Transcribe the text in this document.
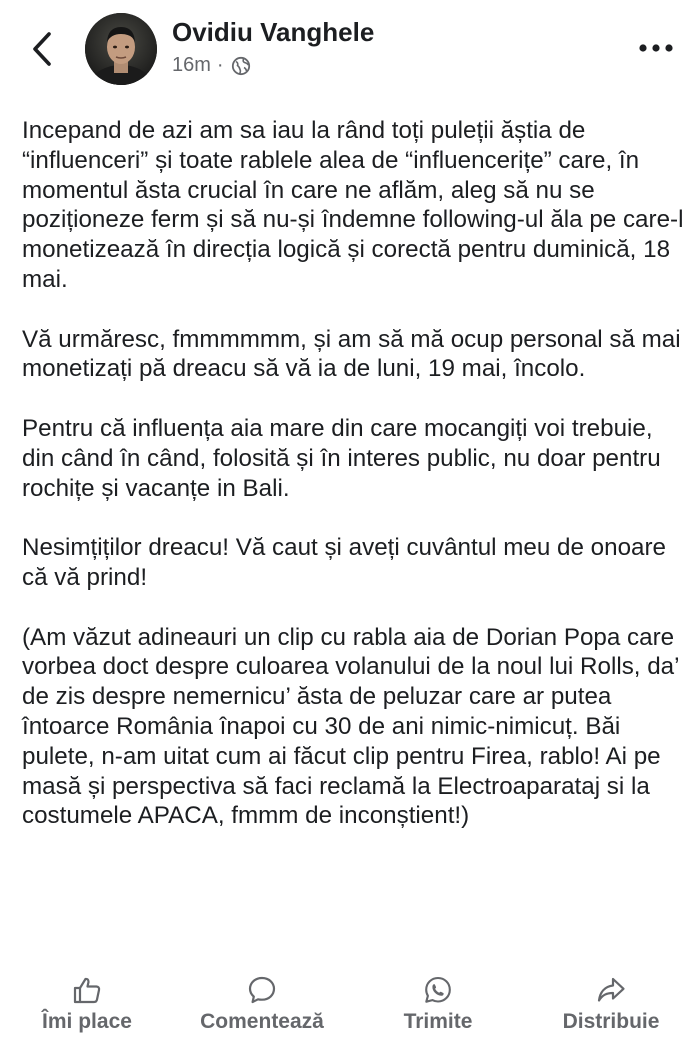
Ovidiu Vanghele
16m ·

Incepand de azi am sa iau la rând toți puleții ăștia de “influenceri” și toate rablele alea de “influencerițe” care, în momentul ăsta crucial în care ne aflăm, aleg să nu se poziționeze ferm și să nu-și îndemne following-ul ăla pe care-l monetizează în direcția logică și corectă pentru duminică, 18 mai.

Vă urmăresc, fmmmmmm, și am să mă ocup personal să mai monetizați pă dreacu să vă ia de luni, 19 mai, încolo.

Pentru că influența aia mare din care mocangiți voi trebuie, din când în când, folosită și în interes public, nu doar pentru rochițe și vacanțe in Bali.

Nesimțiților dreacu! Vă caut și aveți cuvântul meu de onoare că vă prind!

(Am văzut adineauri un clip cu rabla aia de Dorian Popa care vorbea doct despre culoarea volanului de la noul lui Rolls, da’ de zis despre nemernicu’ ăsta de peluzar care ar putea întoarce România înapoi cu 30 de ani nimic-nimicuț. Băi pulete, n-am uitat cum ai făcut clip pentru Firea, rablo! Ai pe masă și perspectiva să faci reclamă la Electroaparataj si la costumele APACA, fmmm de inconștient!)

Îmi place	Comentează	Trimite	Distribuie
